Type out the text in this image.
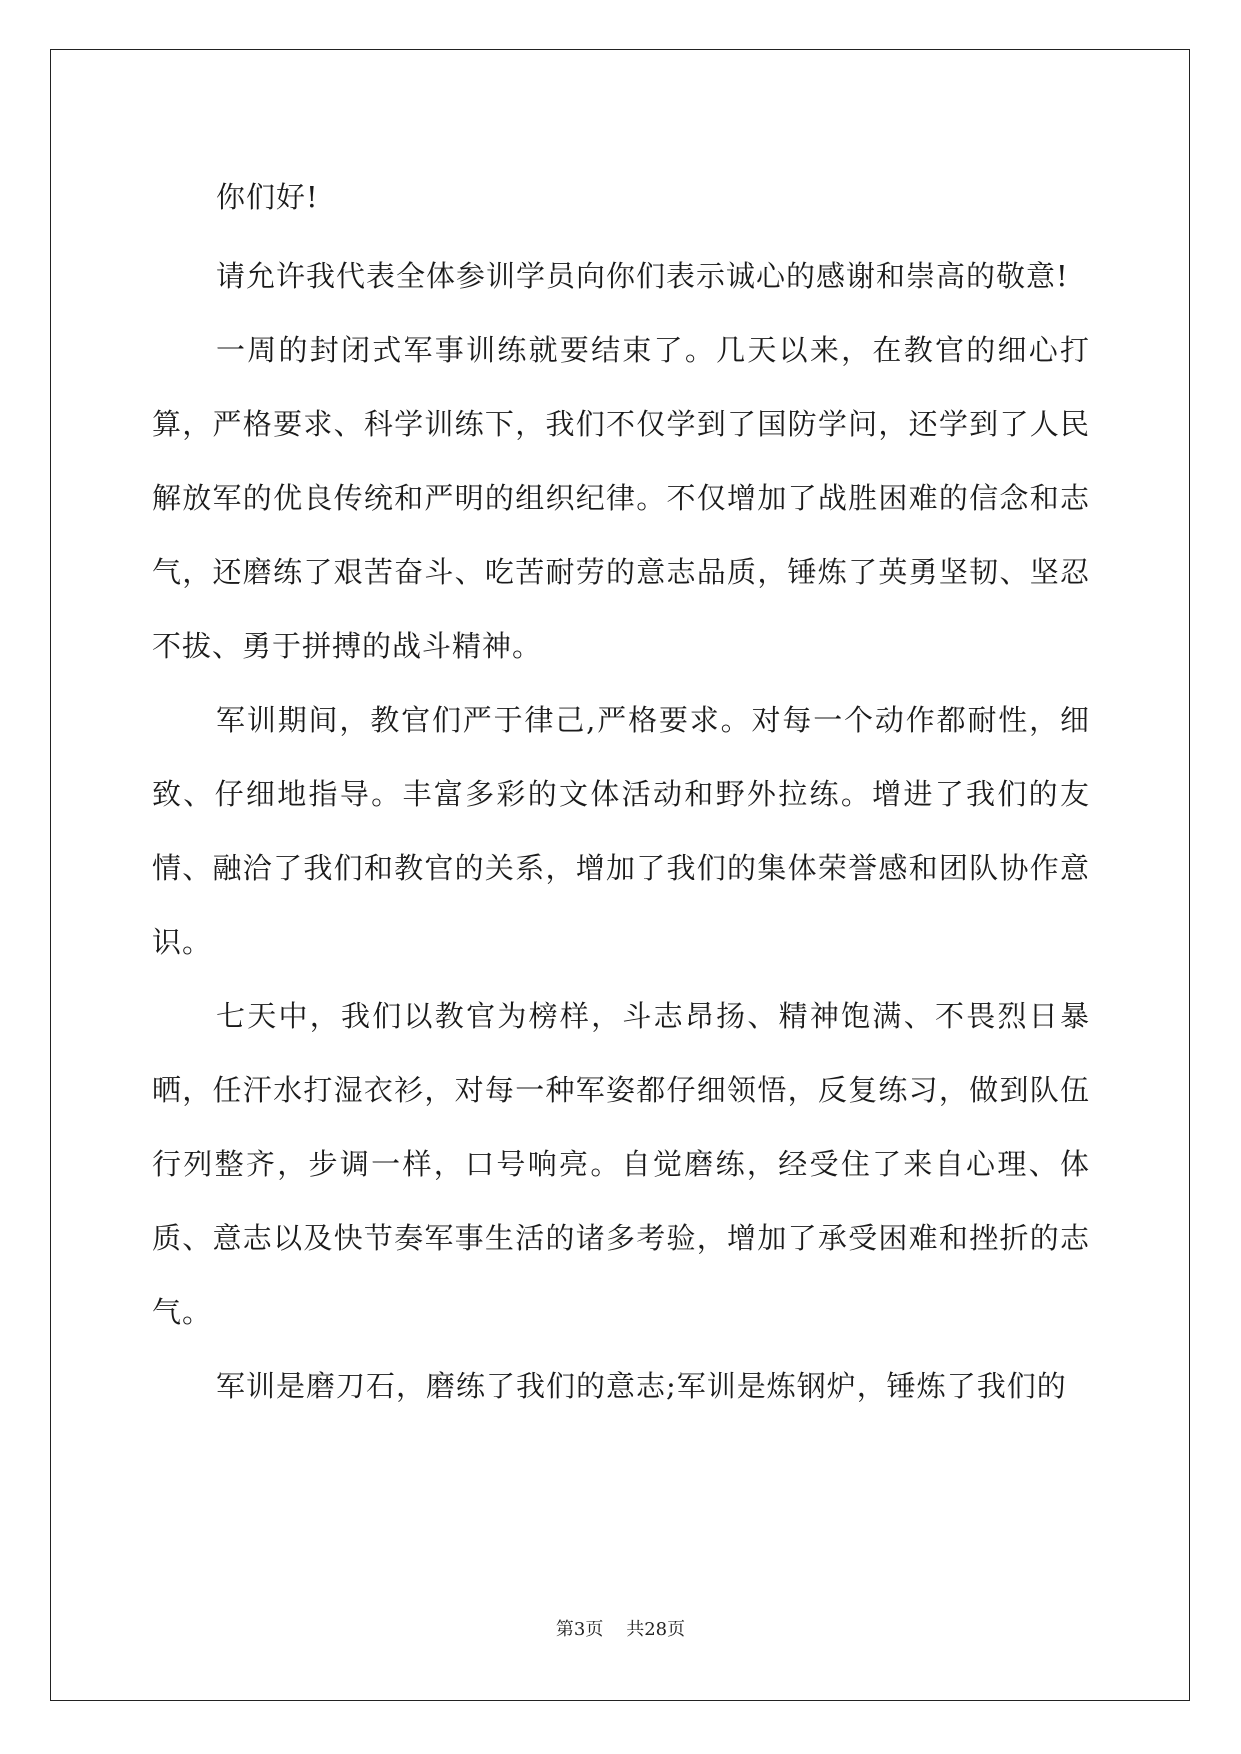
你们好!

请允许我代表全体参训学员向你们表示诚心的感谢和崇高的敬意!

一周的封闭式军事训练就要结束了。几天以来，在教官的细心打算，严格要求、科学训练下，我们不仅学到了国防学问，还学到了人民解放军的优良传统和严明的组织纪律。不仅增加了战胜困难的信念和志气，还磨练了艰苦奋斗、吃苦耐劳的意志品质，锤炼了英勇坚韧、坚忍不拔、勇于拼搏的战斗精神。

军训期间，教官们严于律己,严格要求。对每一个动作都耐性，细致、仔细地指导。丰富多彩的文体活动和野外拉练。增进了我们的友情、融洽了我们和教官的关系，增加了我们的集体荣誉感和团队协作意识。

七天中，我们以教官为榜样，斗志昂扬、精神饱满、不畏烈日暴晒，任汗水打湿衣衫，对每一种军姿都仔细领悟，反复练习，做到队伍行列整齐，步调一样，口号响亮。自觉磨练，经受住了来自心理、体质、意志以及快节奏军事生活的诸多考验，增加了承受困难和挫折的志气。

军训是磨刀石，磨练了我们的意志;军训是炼钢炉，锤炼了我们的

第3页 共28页
